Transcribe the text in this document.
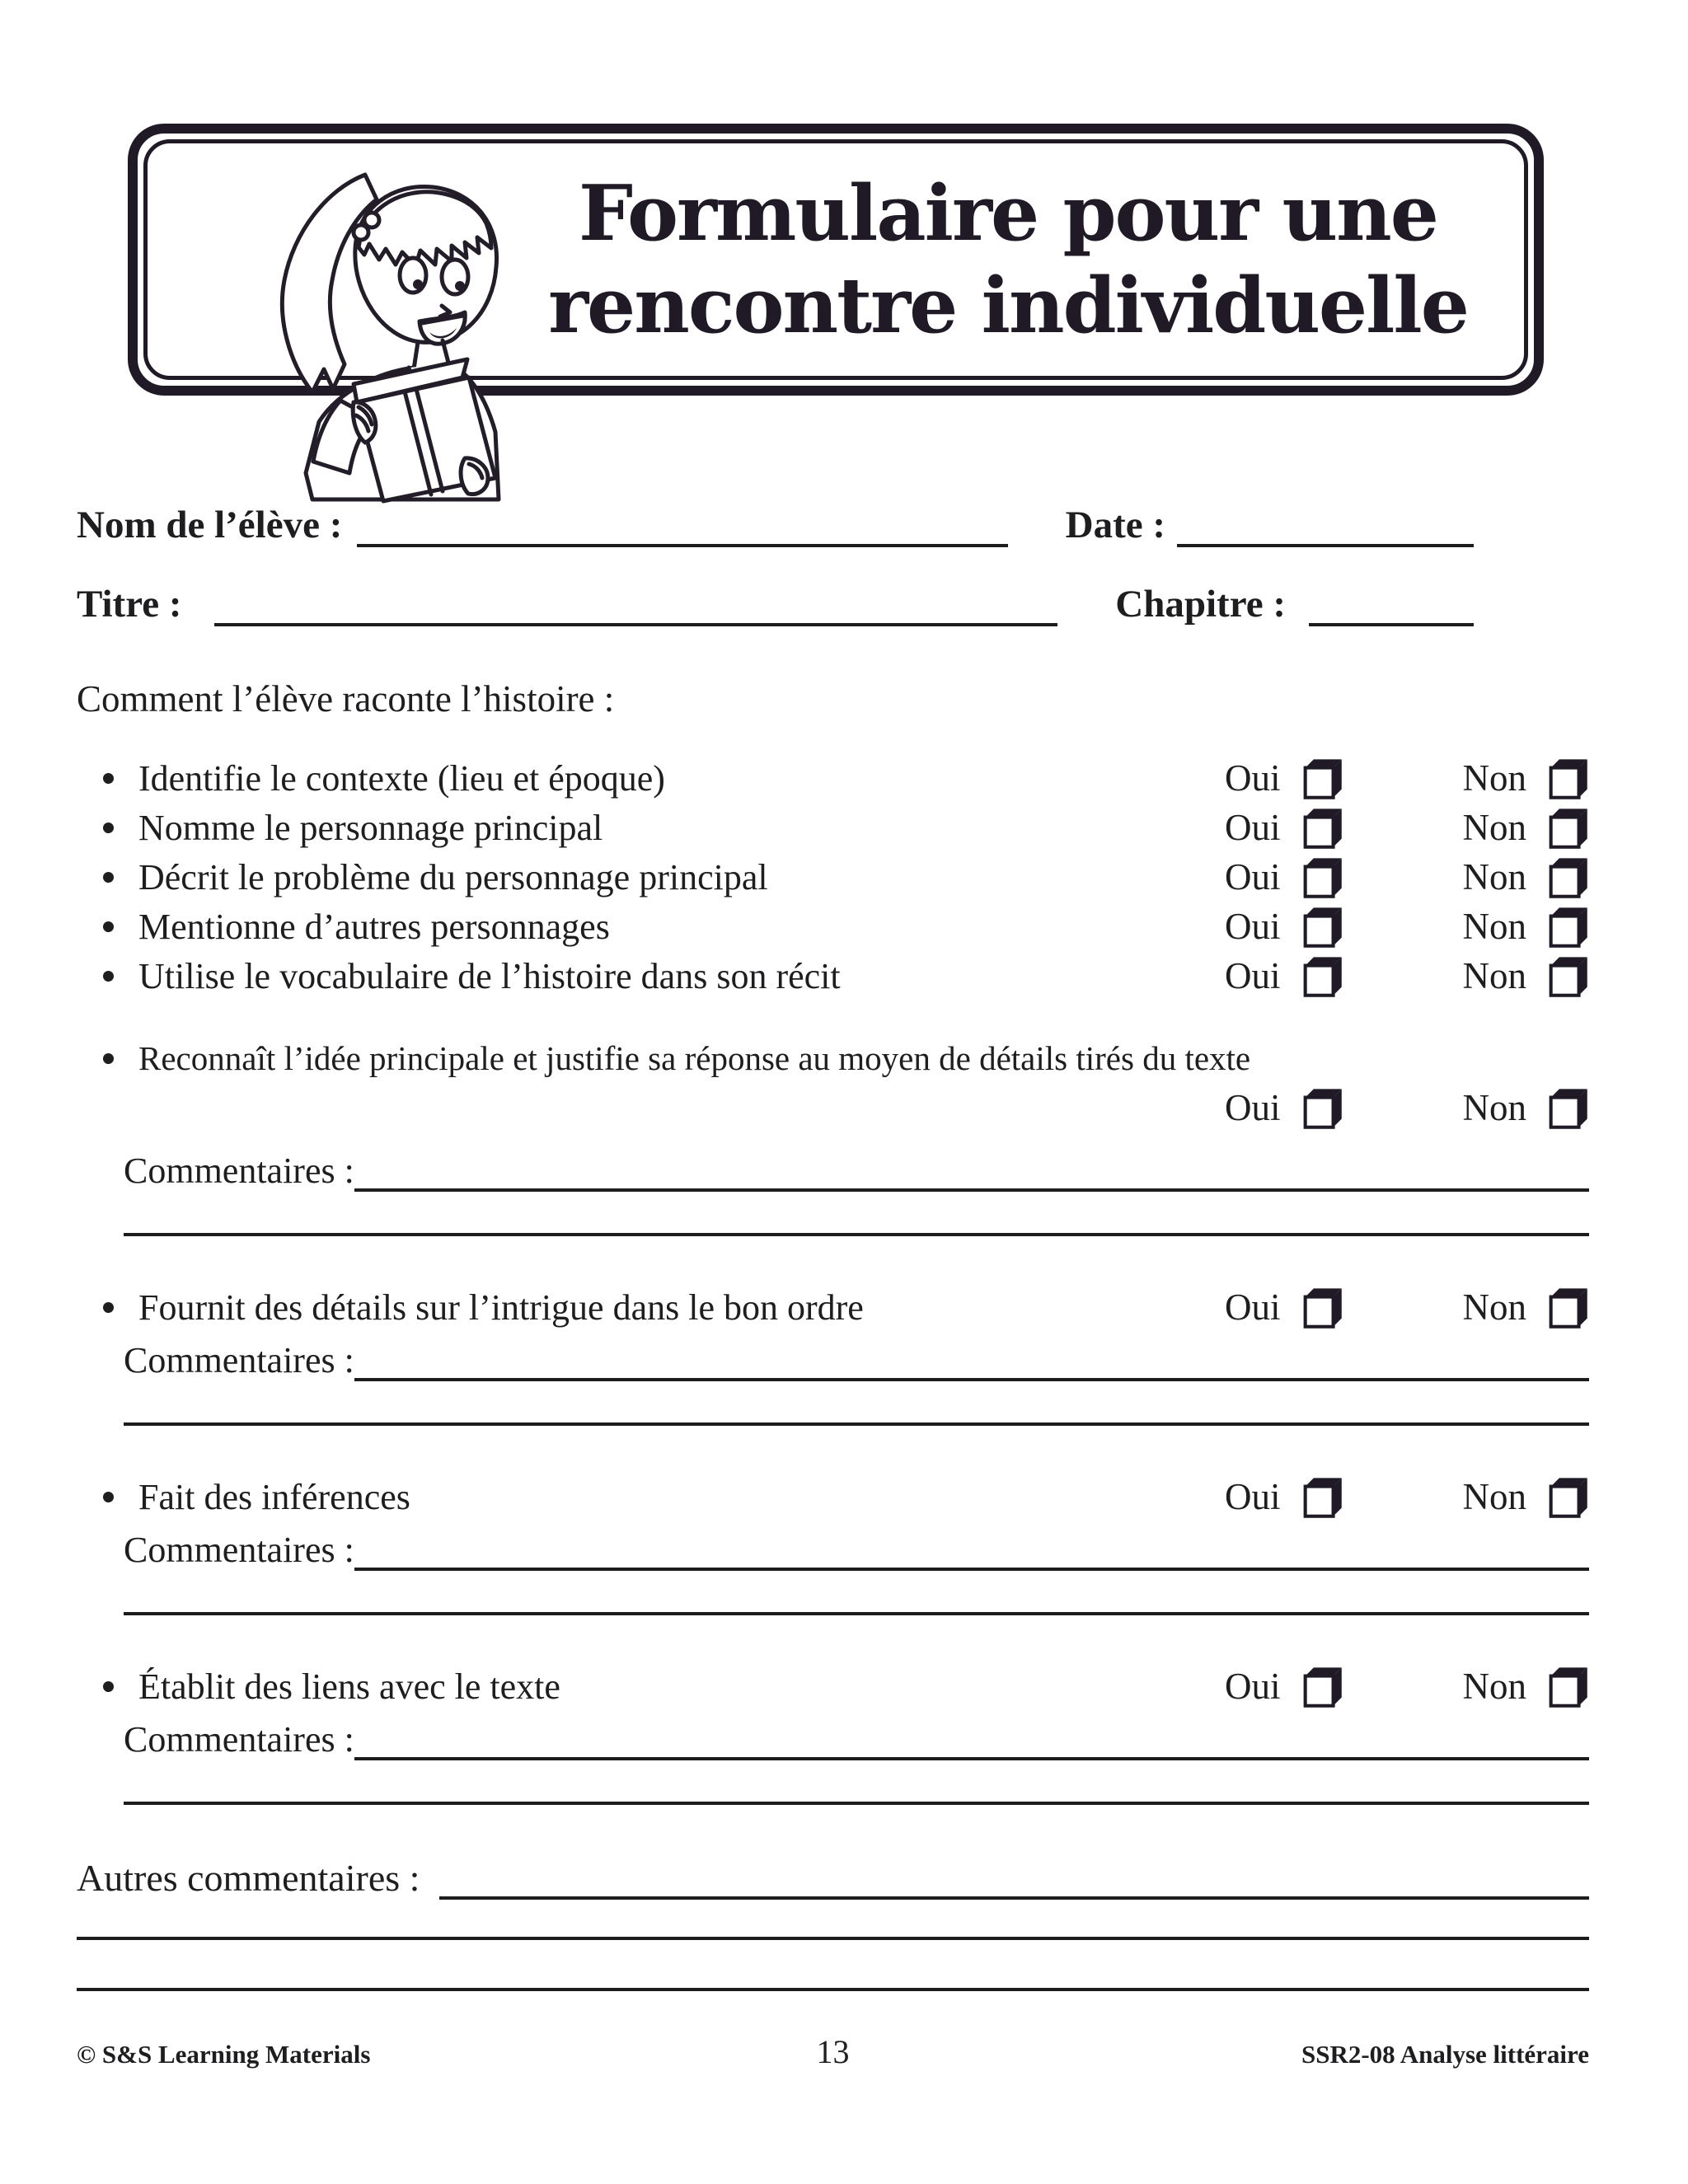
Formulaire pour une
rencontre individuelle
Nom de l’élève :	Date :
Titre :	Chapitre :
Comment l’élève raconte l’histoire :
Identifie le contexte (lieu et époque)	Oui	Non
Nomme le personnage principal	Oui	Non
Décrit le problème du personnage principal	Oui	Non
Mentionne d’autres personnages	Oui	Non
Utilise le vocabulaire de l’histoire dans son récit	Oui	Non
Reconnaît l’idée principale et justifie sa réponse au moyen de détails tirés du texte
Oui	Non
Commentaires :
Fournit des détails sur l’intrigue dans le bon ordre	Oui	Non
Commentaires :
Fait des inférences	Oui	Non
Commentaires :
Établit des liens avec le texte	Oui	Non
Commentaires :
Autres commentaires :
© S&S Learning Materials	13	SSR2-08 Analyse littéraire
